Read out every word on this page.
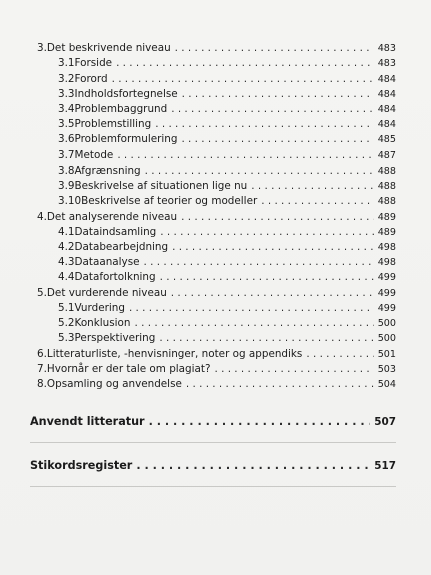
3. Det beskrivende niveau . . .	483
3.1 Forside . . .	483
3.2 Forord . . .	484
3.3 Indholdsfortegnelse . . .	484
3.4 Problembaggrund . . .	484
3.5 Problemstilling . . .	484
3.6 Problemformulering . . .	485
3.7 Metode . . .	487
3.8 Afgrænsning . . .	488
3.9 Beskrivelse af situationen lige nu . . .	488
3.10 Beskrivelse af teorier og modeller . . .	488
4. Det analyserende niveau . . .	489
4.1 Dataindsamling . . .	489
4.2 Databearbejdning . . .	498
4.3 Dataanalyse . . .	498
4.4 Datafortolkning . . .	499
5. Det vurderende niveau . . .	499
5.1 Vurdering . . .	499
5.2 Konklusion . . .	500
5.3 Perspektivering . . .	500
6. Litteraturliste, -henvisninger, noter og appendiks . . .	501
7. Hvornår er der tale om plagiat? . . .	503
8. Opsamling og anvendelse . . .	504
Anvendt litteratur . . .	507
Stikordsregister . . .	517
